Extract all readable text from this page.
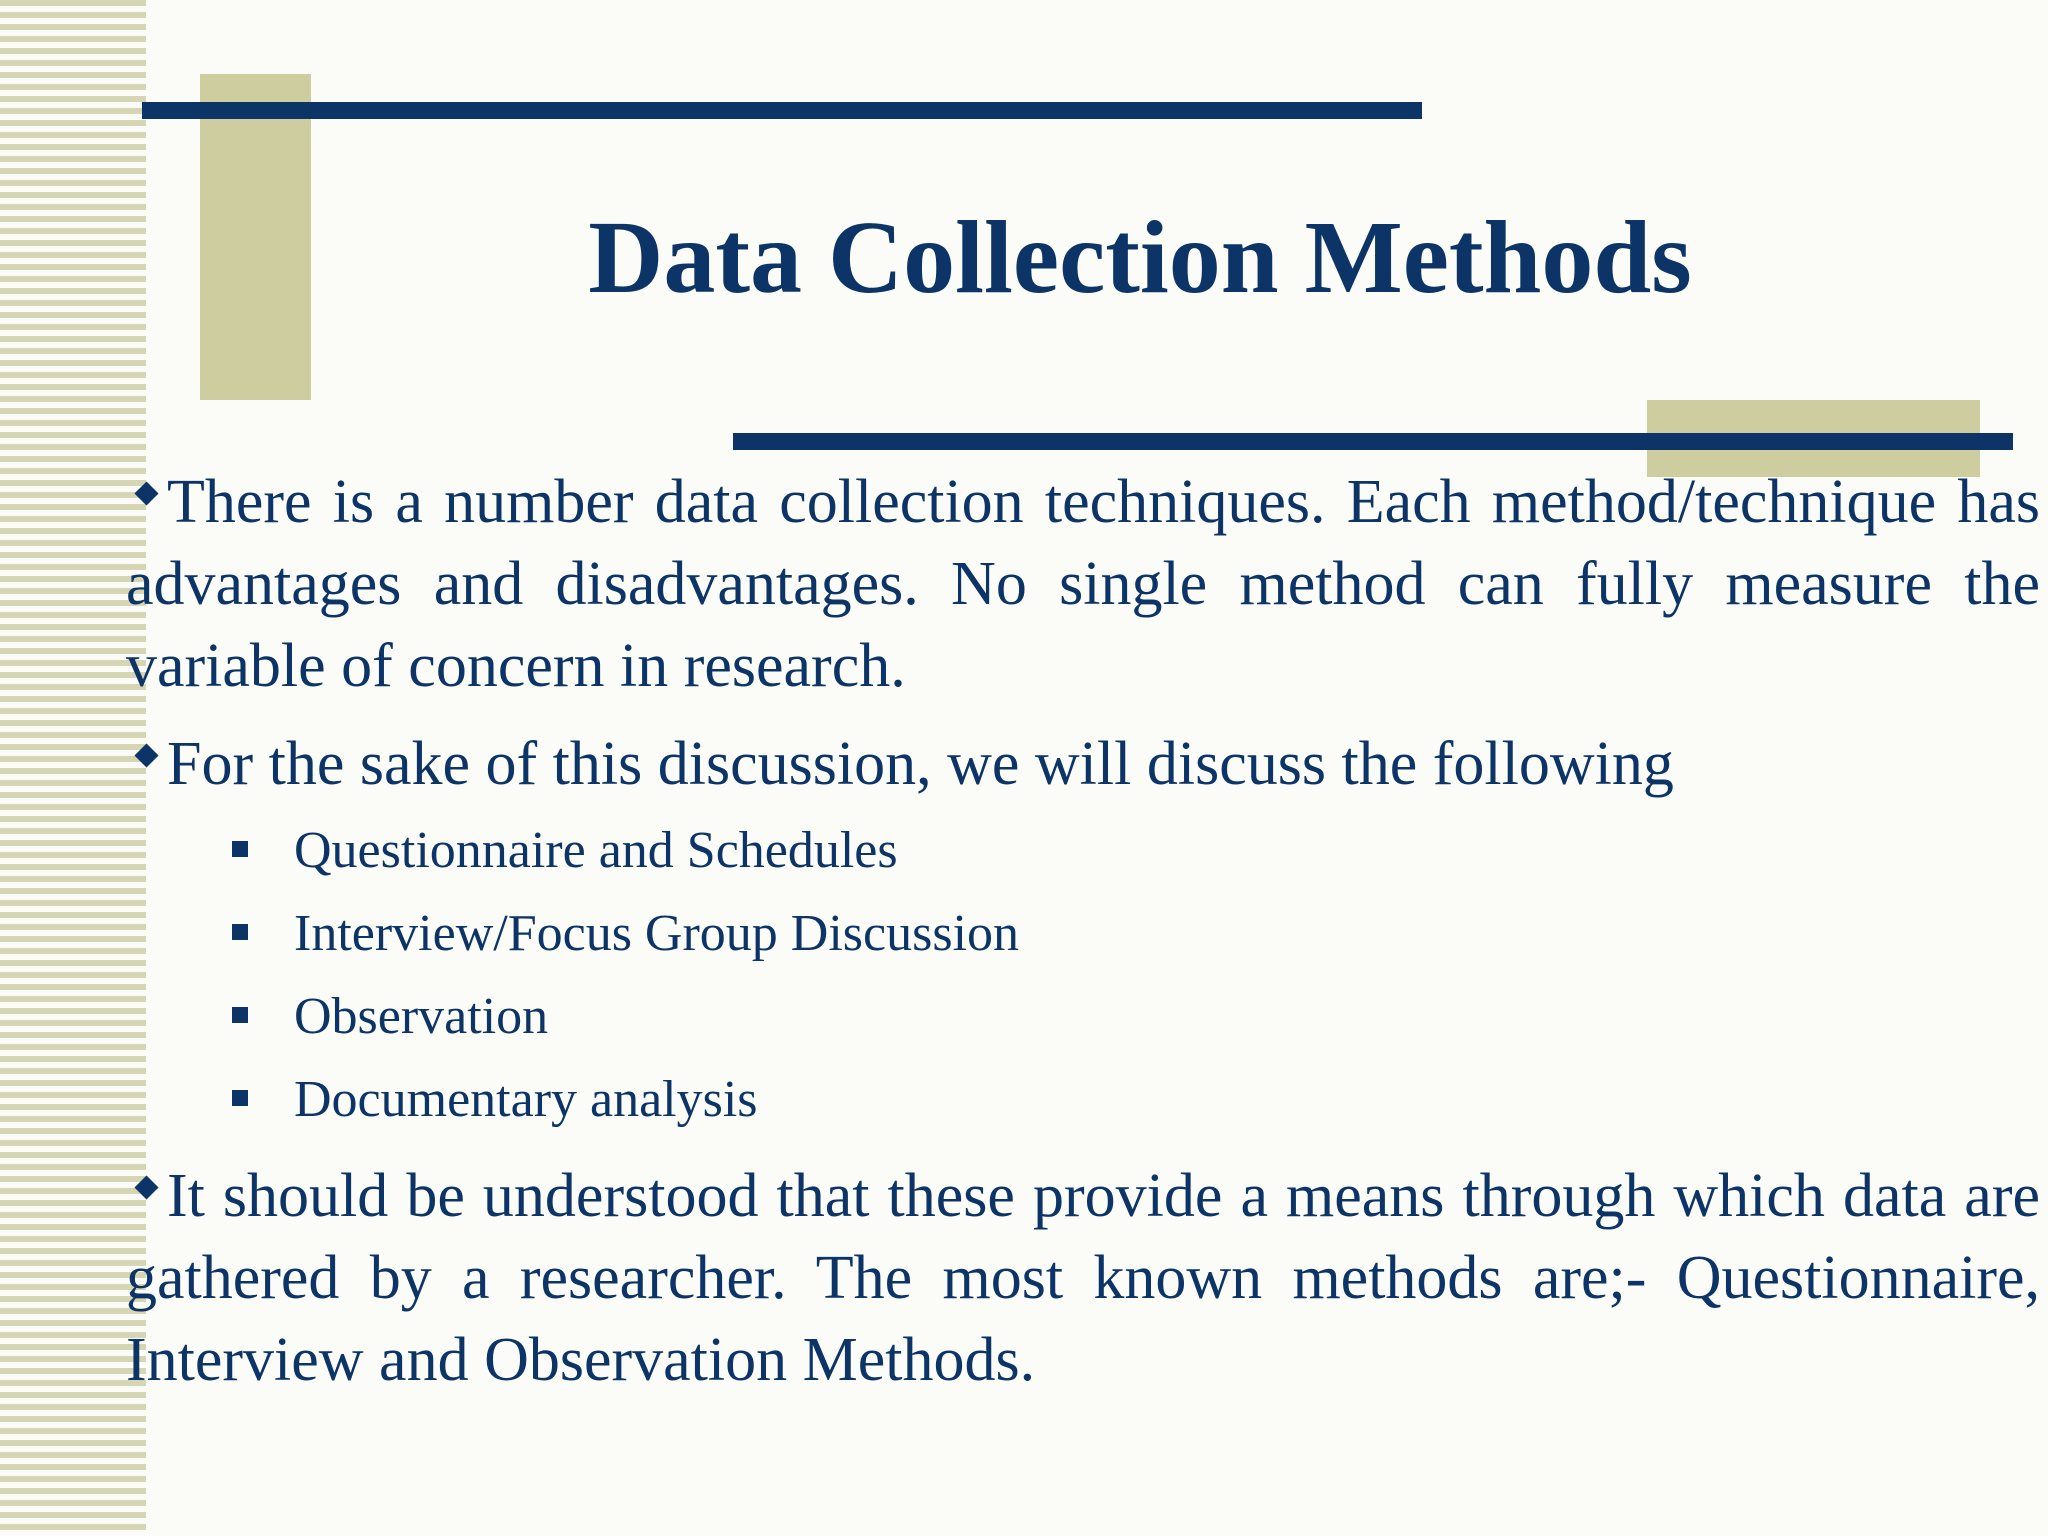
Data Collection Methods

There is a number data collection techniques. Each method/technique has advantages and disadvantages. No single method can fully measure the variable of concern in research.

For the sake of this discussion, we will discuss the following

Questionnaire and Schedules
Interview/Focus Group Discussion
Observation
Documentary analysis

It should be understood that these provide a means through which data are gathered by a researcher. The most known methods are;- Questionnaire, Interview and Observation Methods.
